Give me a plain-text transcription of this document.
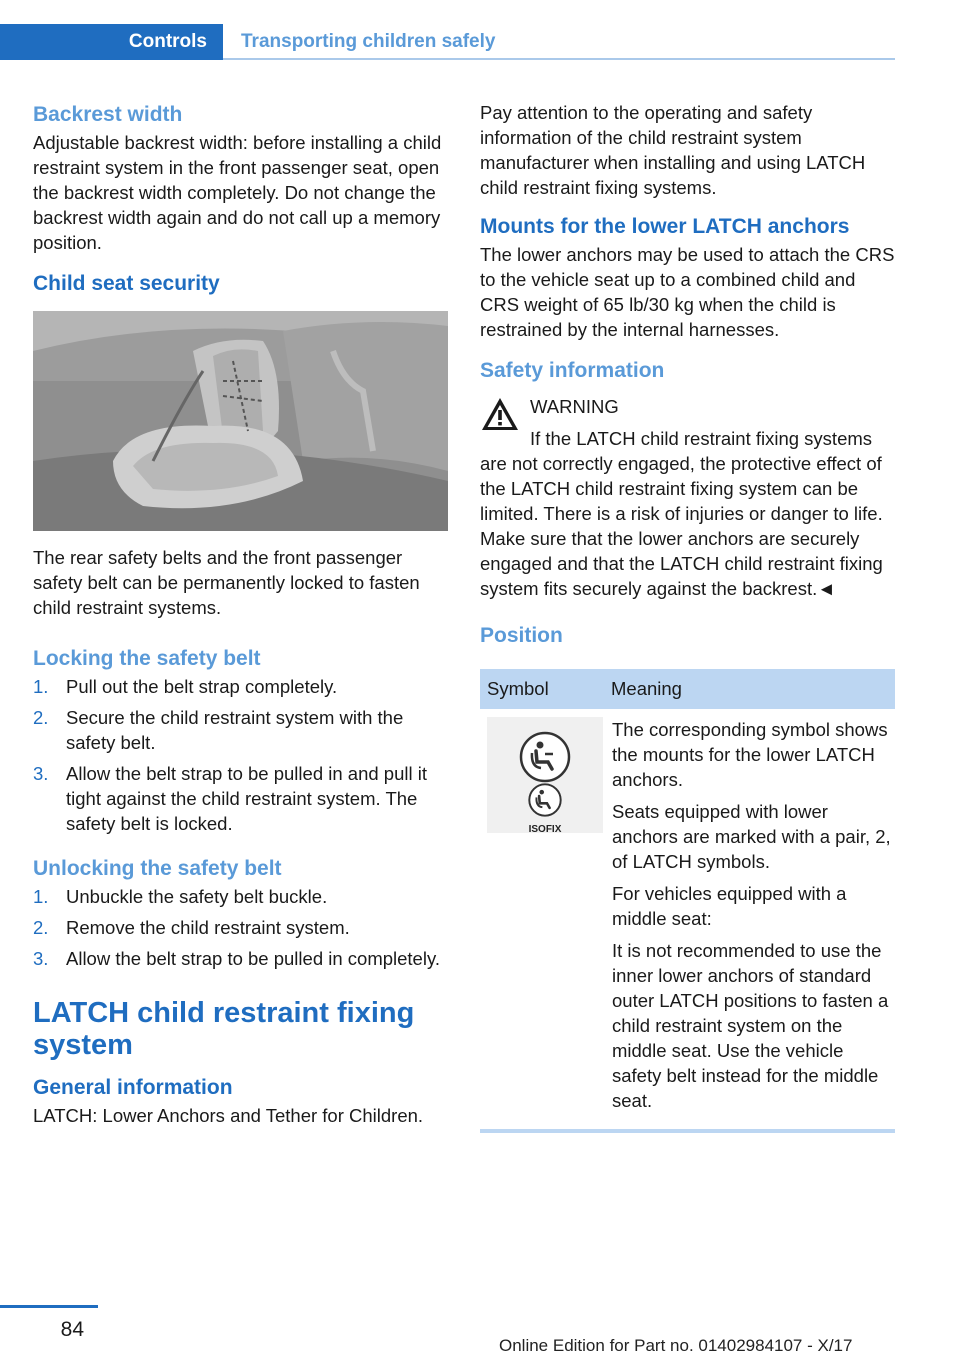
Controls	Transporting children safely
Backrest width

Adjustable backrest width: before installing a child restraint system in the front passenger seat, open the backrest width completely. Do not change the backrest width again and do not call up a memory position.

Child seat security

The rear safety belts and the front passenger safety belt can be permanently locked to fasten child restraint systems.

Locking the safety belt
1. Pull out the belt strap completely.
2. Secure the child restraint system with the safety belt.
3. Allow the belt strap to be pulled in and pull it tight against the child restraint system. The safety belt is locked.
Unlocking the safety belt
1. Unbuckle the safety belt buckle.
2. Remove the child restraint system.
3. Allow the belt strap to be pulled in completely.
LATCH child restraint fixing system
General information

LATCH: Lower Anchors and Tether for Children.

Pay attention to the operating and safety information of the child restraint system manufacturer when installing and using LATCH child restraint fixing systems.

Mounts for the lower LATCH anchors

The lower anchors may be used to attach the CRS to the vehicle seat up to a combined child and CRS weight of 65 lb/30 kg when the child is restrained by the internal harnesses.

Safety information
WARNING
If the LATCH child restraint fixing systems are not correctly engaged, the protective effect of the LATCH child restraint fixing system can be limited. There is a risk of injuries or danger to life. Make sure that the lower anchors are securely engaged and that the LATCH child restraint fixing system fits securely against the backrest.◄
Position
Symbol	Meaning

ISOFIX	The corresponding symbol shows the mounts for the lower LATCH anchors.

Seats equipped with lower anchors are marked with a pair, 2, of LATCH symbols.

For vehicles equipped with a middle seat:

It is not recommended to use the inner lower anchors of standard outer LATCH positions to fasten a child restraint system on the middle seat. Use the vehicle safety belt instead for the middle seat.

84
Online Edition for Part no. 01402984107 - X/17
